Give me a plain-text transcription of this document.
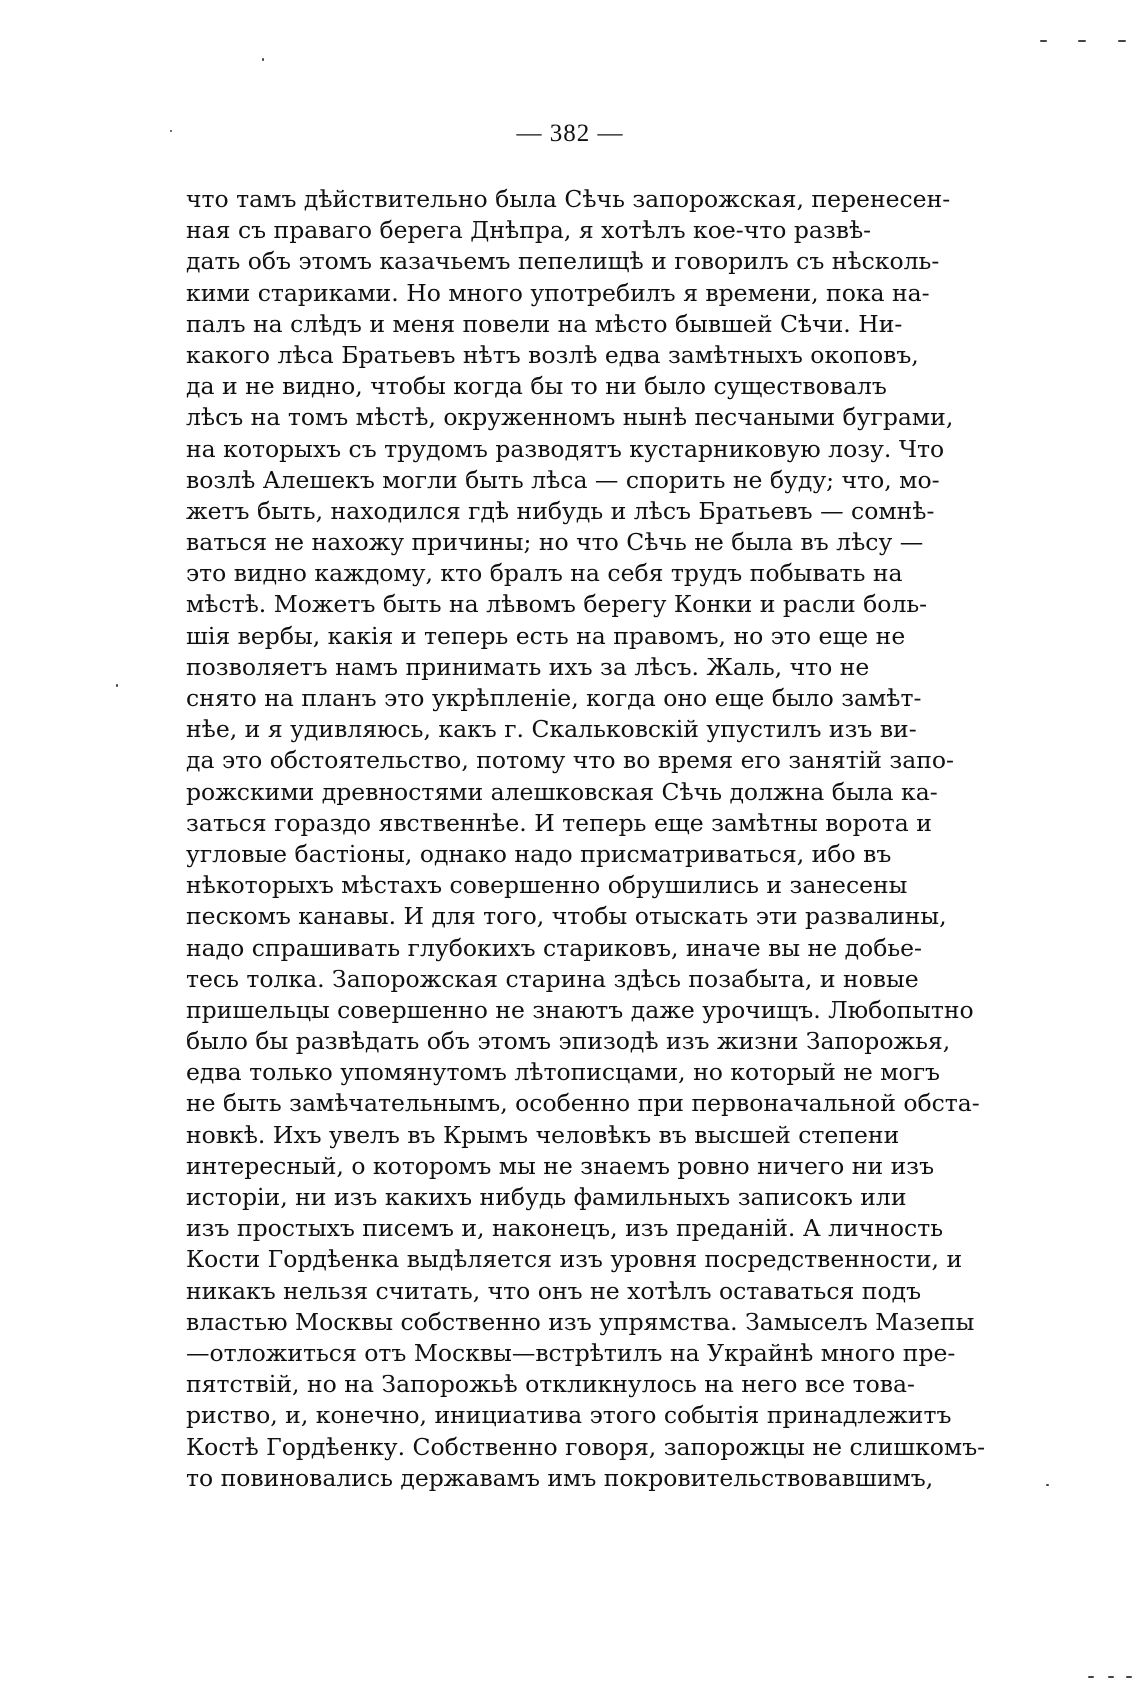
— 382 —
что тамъ дѣйствительно была Сѣчь запорожская, перенесен-
ная съ праваго берега Днѣпра, я хотѣлъ кое-что развѣ-
дать объ этомъ казачьемъ пепелищѣ и говорилъ съ нѣсколь-
кими стариками. Но много употребилъ я времени, пока на-
палъ на слѣдъ и меня повели на мѣсто бывшей Сѣчи. Ни-
какого лѣса Братьевъ нѣтъ возлѣ едва замѣтныхъ окоповъ,
да и не видно, чтобы когда бы то ни было существовалъ
лѣсъ на томъ мѣстѣ, окруженномъ нынѣ песчаными буграми,
на которыхъ съ трудомъ разводятъ кустарниковую лозу. Что
возлѣ Алешекъ могли быть лѣса — спорить не буду; что, мо-
жетъ быть, находился гдѣ нибудь и лѣсъ Братьевъ — сомнѣ-
ваться не нахожу причины; но что Сѣчь не была въ лѣсу —
это видно каждому, кто бралъ на себя трудъ побывать на
мѣстѣ. Можетъ быть на лѣвомъ берегу Конки и расли боль-
шія вербы, какія и теперь есть на правомъ, но это еще не
позволяетъ намъ принимать ихъ за лѣсъ. Жаль, что не
снято на планъ это укрѣпленіе, когда оно еще было замѣт-
нѣе, и я удивляюсь, какъ г. Скальковскій упустилъ изъ ви-
да это обстоятельство, потому что во время его занятій запо-
рожскими древностями алешковская Сѣчь должна была ка-
заться гораздо явственнѣе. И теперь еще замѣтны ворота и
угловые бастіоны, однако надо присматриваться, ибо въ
нѣкоторыхъ мѣстахъ совершенно обрушились и занесены
пескомъ канавы. И для того, чтобы отыскать эти развалины,
надо спрашивать глубокихъ стариковъ, иначе вы не добье-
тесь толка. Запорожская старина здѣсь позабыта, и новые
пришельцы совершенно не знаютъ даже урочищъ. Любопытно
было бы развѣдать объ этомъ эпизодѣ изъ жизни Запорожья,
едва только упомянутомъ лѣтописцами, но который не могъ
не быть замѣчательнымъ, особенно при первоначальной обста-
новкѣ. Ихъ увелъ въ Крымъ человѣкъ въ высшей степени
интересный, о которомъ мы не знаемъ ровно ничего ни изъ
исторіи, ни изъ какихъ нибудь фамильныхъ записокъ или
изъ простыхъ писемъ и, наконецъ, изъ преданій. А личность
Кости Гордѣенка выдѣляется изъ уровня посредственности, и
никакъ нельзя считать, что онъ не хотѣлъ оставаться подъ
властью Москвы собственно изъ упрямства. Замыселъ Мазепы
—отложиться отъ Москвы—встрѣтилъ на Украйнѣ много пре-
пятствій, но на Запорожьѣ откликнулось на него все това-
риство, и, конечно, инициатива этого событія принадлежитъ
Костѣ Гордѣенку. Собственно говоря, запорожцы не слишкомъ-
то повиновались державамъ имъ покровительствовавшимъ,
